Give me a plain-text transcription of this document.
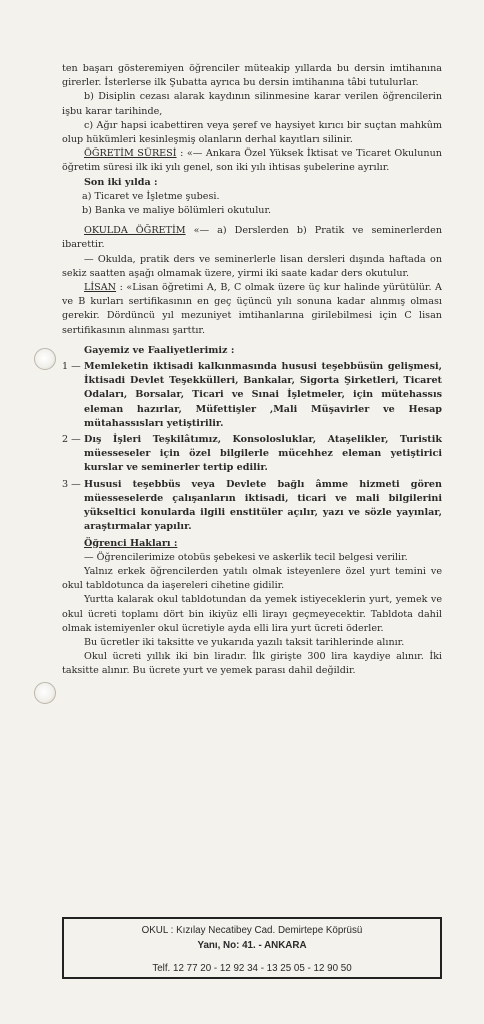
ten başarı gösteremiyen öğrenciler müteakip yıllarda bu dersin imtihanına girerler. İsterlerse ilk Şubatta ayrıca bu dersin imtihanına tâbi tutulurlar.

b) Disiplin cezası alarak kaydının silinmesine karar verilen öğrencilerin işbu karar tarihinde,

c) Ağır hapsi icabettiren veya şeref ve haysiyet kırıcı bir suçtan mahkûm olup hükümleri kesinleşmiş olanların derhal kayıtları silinir.

ÖĞRETİM SÜRESİ : «— Ankara Özel Yüksek İktisat ve Ticaret Okulunun öğretim süresi ilk iki yılı genel, son iki yılı ihtisas şubelerine ayrılır.

Son iki yılda :

a) Ticaret ve İşletme şubesi.

b) Banka ve maliye bölümleri okutulur.

OKULDA ÖĞRETİM «— a) Derslerden b) Pratik ve seminerlerden ibarettir.

— Okulda, pratik ders ve seminerlerle lisan dersleri dışında haftada on sekiz saatten aşağı olmamak üzere, yirmi iki saate kadar ders okutulur.

LİSAN : «Lisan öğretimi A, B, C olmak üzere üç kur halinde yürütülür. A ve B kurları sertifikasının en geç üçüncü yılı sonuna kadar alınmış olması gerekir. Dördüncü yıl mezuniyet imtihanlarına girilebilmesi için C lisan sertifikasının alınması şarttır.

Gayemiz ve Faaliyetlerimiz :

1 — Memleketin iktisadi kalkınmasında hususi teşebbüsün gelişmesi, İktisadi Devlet Teşekkülleri, Bankalar, Sigorta Şirketleri, Ticaret Odaları, Borsalar, Ticari ve Sınai İşletmeler, için mütehassıs eleman hazırlar, Müfettişler ,Mali Müşavirler ve Hesap mütahassısları yetiştirilir.
2 — Dış İşleri Teşkilâtımız, Konsolosluklar, Ataşelikler, Turistik müesseseler için özel bilgilerle mücehhez eleman yetiştirici kurslar ve seminerler tertip edilir.
3 — Hususi teşebbüs veya Devlete bağlı âmme hizmeti gören müesseselerde çalışanların iktisadi, ticari ve mali bilgilerini yükseltici konularda ilgili enstitüler açılır, yazı ve sözle yayınlar, araştırmalar yapılır.

Öğrenci Hakları :

— Öğrencilerimize otobüs şebekesi ve askerlik tecil belgesi verilir.

Yalnız erkek öğrencilerden yatılı olmak isteyenlere özel yurt temini ve okul tabldotunca da iaşereleri cihetine gidilir.

Yurtta kalarak okul tabldotundan da yemek istiyeceklerin yurt, yemek ve okul ücreti toplamı dört bin ikiyüz elli lirayı geçmeyecektir. Tabldota dahil olmak istemiyenler okul ücretiyle ayda elli lira yurt ücreti öderler.

Bu ücretler iki taksitte ve yukarıda yazılı taksit tarihlerinde alınır.

Okul ücreti yıllık iki bin liradır. İlk girişte 300 lira kaydiye alınır. İki taksitte alınır. Bu ücrete yurt ve yemek parası dahil değildir.

OKUL : Kızılay Necatibey Cad. Demirtepe Köprüsü
Yanı, No: 41. - ANKARA
Telf. 12 77 20 - 12 92 34 - 13 25 05 - 12 90 50
